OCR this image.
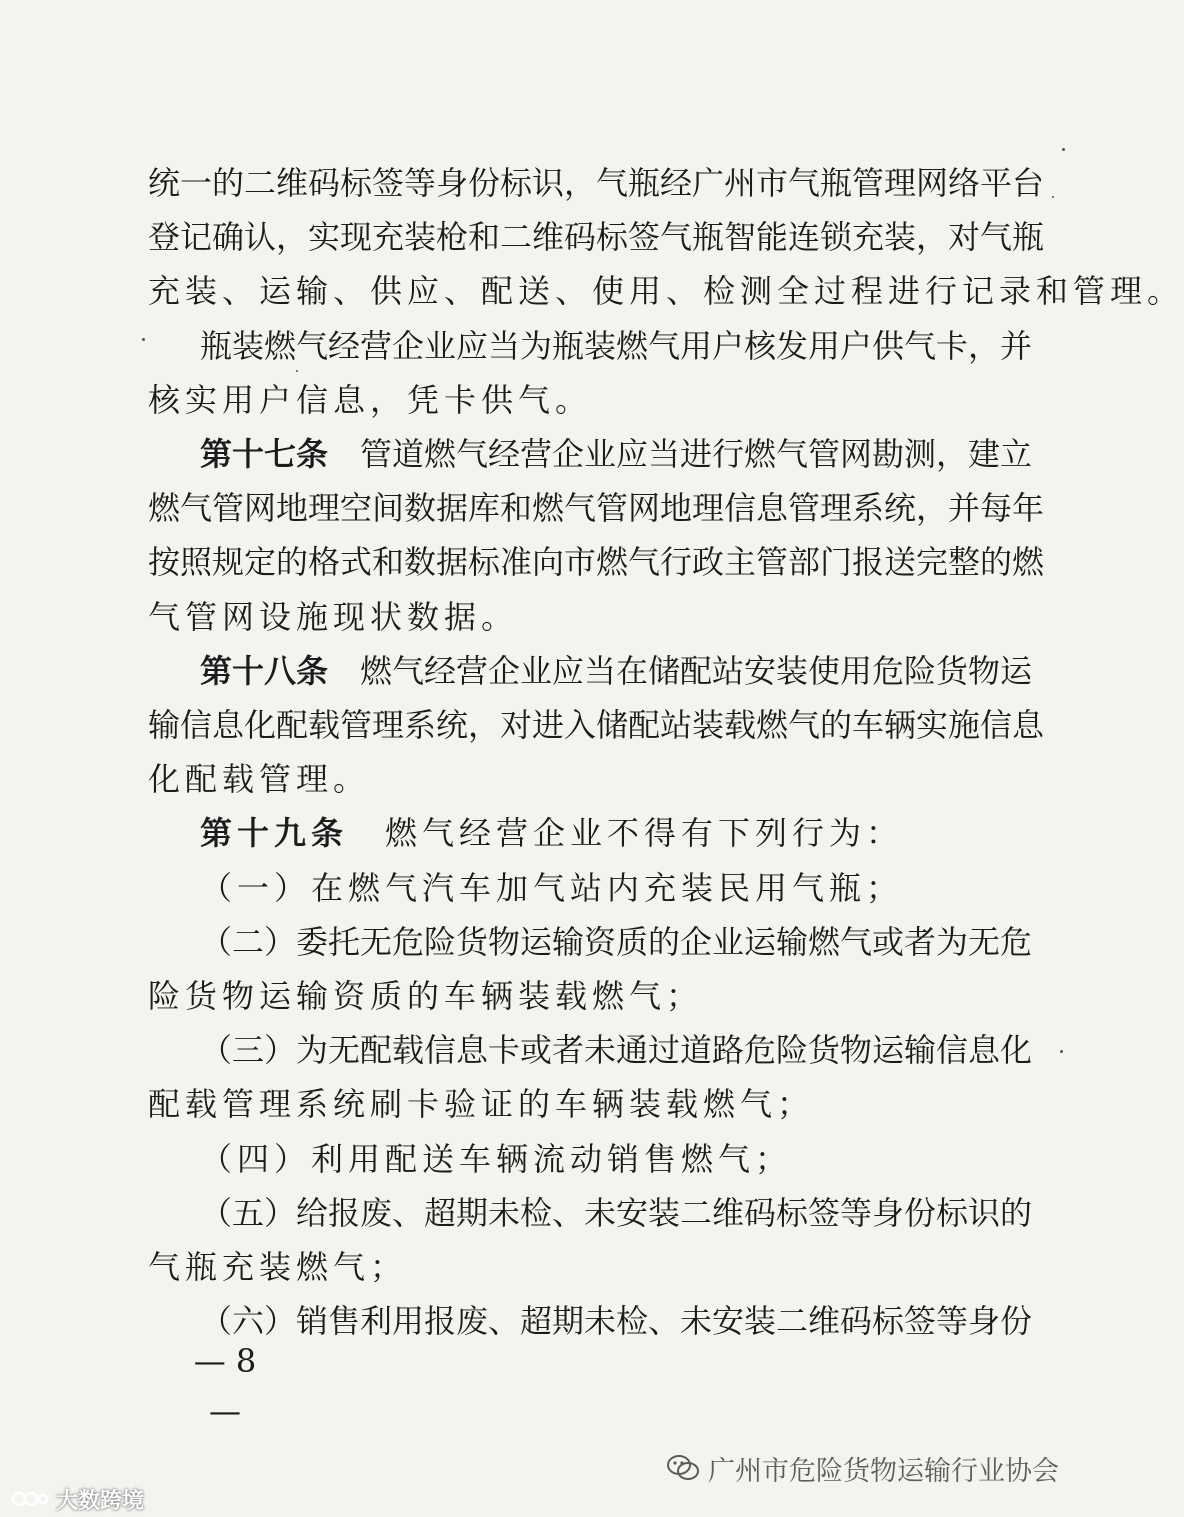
统一的二维码标签等身份标识，气瓶经广州市气瓶管理网络平台
登记确认，实现充装枪和二维码标签气瓶智能连锁充装，对气瓶
充装、运输、供应、配送、使用、检测全过程进行记录和管理。
瓶装燃气经营企业应当为瓶装燃气用户核发用户供气卡，并
核实用户信息，凭卡供气。
第十七条　 管道燃气经营企业应当进行燃气管网勘测，建立
燃气管网地理空间数据库和燃气管网地理信息管理系统，并每年
按照规定的格式和数据标准向市燃气行政主管部门报送完整的燃
气管网设施现状数据。
第十八条　 燃气经营企业应当在储配站安装使用危险货物运
输信息化配载管理系统，对进入储配站装载燃气的车辆实施信息
化配载管理。
第十九条　 燃气经营企业不得有下列行为：
（一）在燃气汽车加气站内充装民用气瓶；
（二）委托无危险货物运输资质的企业运输燃气或者为无危
险货物运输资质的车辆装载燃气；
（三）为无配载信息卡或者未通过道路危险货物运输信息化
配载管理系统刷卡验证的车辆装载燃气；
（四）利用配送车辆流动销售燃气；
（五）给报废、超期未检、未安装二维码标签等身份标识的
气瓶充装燃气；
（六）销售利用报废、超期未检、未安装二维码标签等身份
— 8 —
广州市危险货物运输行业协会
大数跨境
